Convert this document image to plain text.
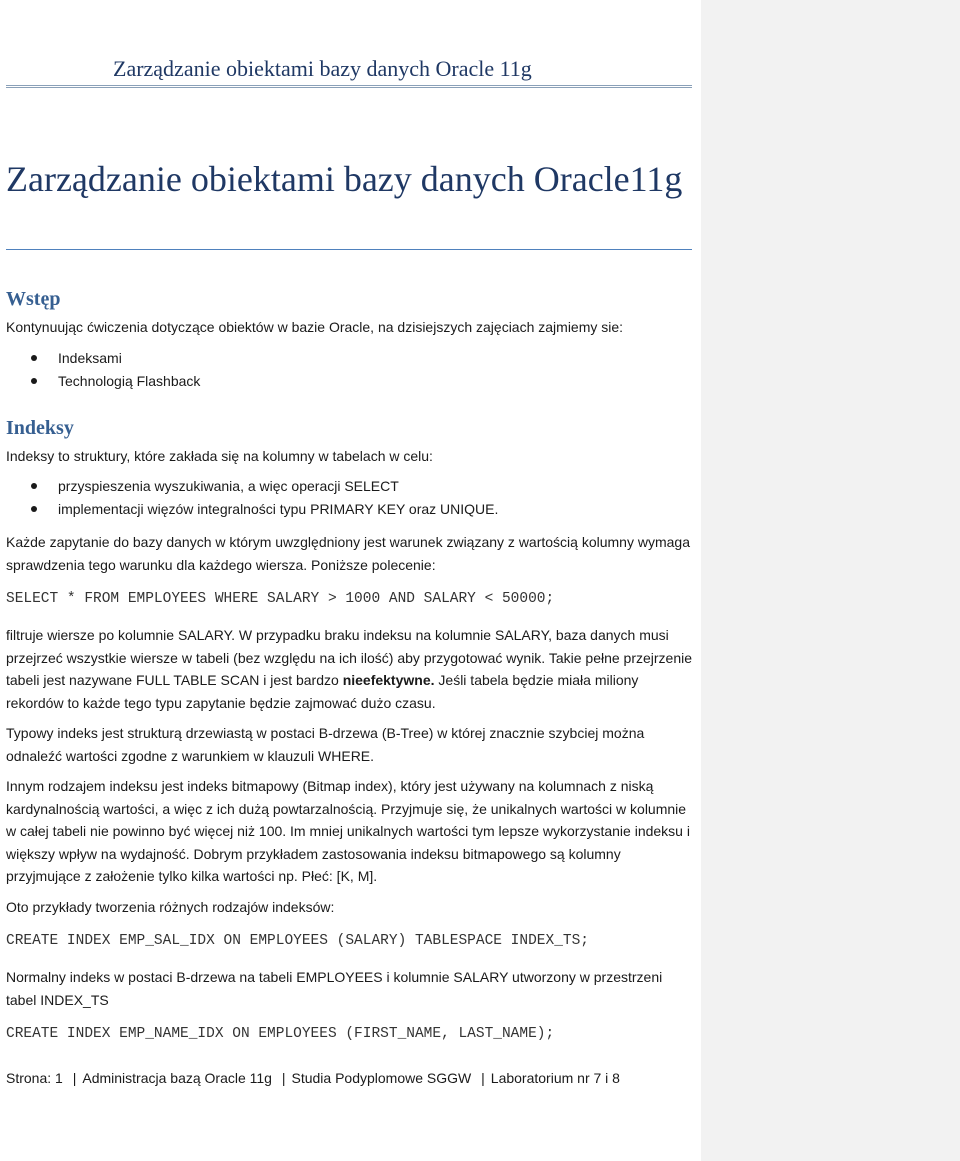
Zarządzanie obiektami bazy danych Oracle 11g
Zarządzanie obiektami bazy danych Oracle11g
Wstęp

Kontynuując ćwiczenia dotyczące obiektów w bazie Oracle, na dzisiejszych zajęciach zajmiemy sie:

Indeksami
Technologią Flashback
Indeksy

Indeksy to struktury, które zakłada się na kolumny w tabelach w celu:

przyspieszenia wyszukiwania, a więc operacji SELECT
implementacji więzów integralności typu PRIMARY KEY oraz UNIQUE.

Każde zapytanie do bazy danych w którym uwzględniony jest warunek związany z wartością kolumny wymaga sprawdzenia tego warunku dla każdego wiersza. Poniższe polecenie:

SELECT * FROM EMPLOYEES WHERE SALARY > 1000 AND SALARY < 50000;

filtruje wiersze po kolumnie SALARY. W przypadku braku indeksu na kolumnie SALARY, baza danych musi przejrzeć wszystkie wiersze w tabeli (bez względu na ich ilość) aby przygotować wynik. Takie pełne przejrzenie tabeli jest nazywane FULL TABLE SCAN i jest bardzo nieefektywne. Jeśli tabela będzie miała miliony rekordów to każde tego typu zapytanie będzie zajmować dużo czasu.

Typowy indeks jest strukturą drzewiastą w postaci B-drzewa (B-Tree) w której znacznie szybciej można odnaleźć wartości zgodne z warunkiem w klauzuli WHERE.

Innym rodzajem indeksu jest indeks bitmapowy (Bitmap index), który jest używany na kolumnach z niską kardynalnością wartości, a więc z ich dużą powtarzalnością. Przyjmuje się, że unikalnych wartości w kolumnie w całej tabeli nie powinno być więcej niż 100. Im mniej unikalnych wartości tym lepsze wykorzystanie indeksu i większy wpływ na wydajność. Dobrym przykładem zastosowania indeksu bitmapowego są kolumny przyjmujące z założenie tylko kilka wartości np. Płeć: [K, M].

Oto przykłady tworzenia różnych rodzajów indeksów:

CREATE INDEX EMP_SAL_IDX ON EMPLOYEES (SALARY) TABLESPACE INDEX_TS;

Normalny indeks w postaci B-drzewa na tabeli EMPLOYEES i kolumnie SALARY utworzony w przestrzeni tabel INDEX_TS

CREATE INDEX EMP_NAME_IDX ON EMPLOYEES (FIRST_NAME, LAST_NAME);
Strona: 1 | Administracja bazą Oracle 11g | Studia Podyplomowe SGGW | Laboratorium nr 7 i 8
